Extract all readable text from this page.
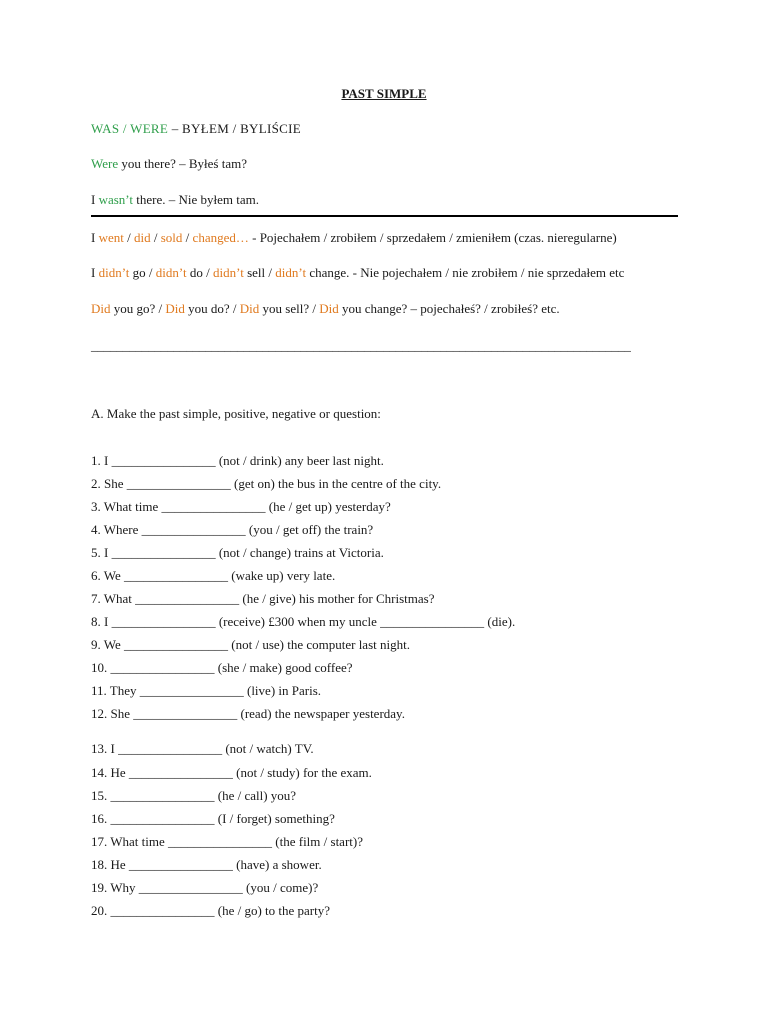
PAST SIMPLE
WAS / WERE – BYŁEM / BYLIŚCIE
Were you there? – Byłeś tam?
I wasn’t there. – Nie byłem tam.
I went / did / sold / changed… - Pojechałem / zrobiłem / sprzedałem / zmieniłem (czas. nieregularne)
I didn’t go / didn’t do / didn’t sell / didn’t change. - Nie pojechałem / nie zrobiłem / nie sprzedałem etc
Did you go? / Did you do? / Did you sell? / Did you change? – pojechałeś? / zrobiłeś? etc.
_____________________________________________________________________________________
A. Make the past simple, positive, negative or question:
1. I ________________ (not / drink) any beer last night.
2. She ________________ (get on) the bus in the centre of the city.
3. What time ________________ (he / get up) yesterday?
4. Where ________________ (you / get off) the train?
5. I ________________ (not / change) trains at Victoria.
6. We ________________ (wake up) very late.
7. What ________________ (he / give) his mother for Christmas?
8. I ________________ (receive) £300 when my uncle ________________ (die).
9. We ________________ (not / use) the computer last night.
10. ________________ (she / make) good coffee?
11. They ________________ (live) in Paris.
12. She ________________ (read) the newspaper yesterday.
13. I ________________ (not / watch) TV.
14. He ________________ (not / study) for the exam.
15. ________________ (he / call) you?
16. ________________ (I / forget) something?
17. What time ________________ (the film / start)?
18. He ________________ (have) a shower.
19. Why ________________ (you / come)?
20. ________________ (he / go) to the party?
